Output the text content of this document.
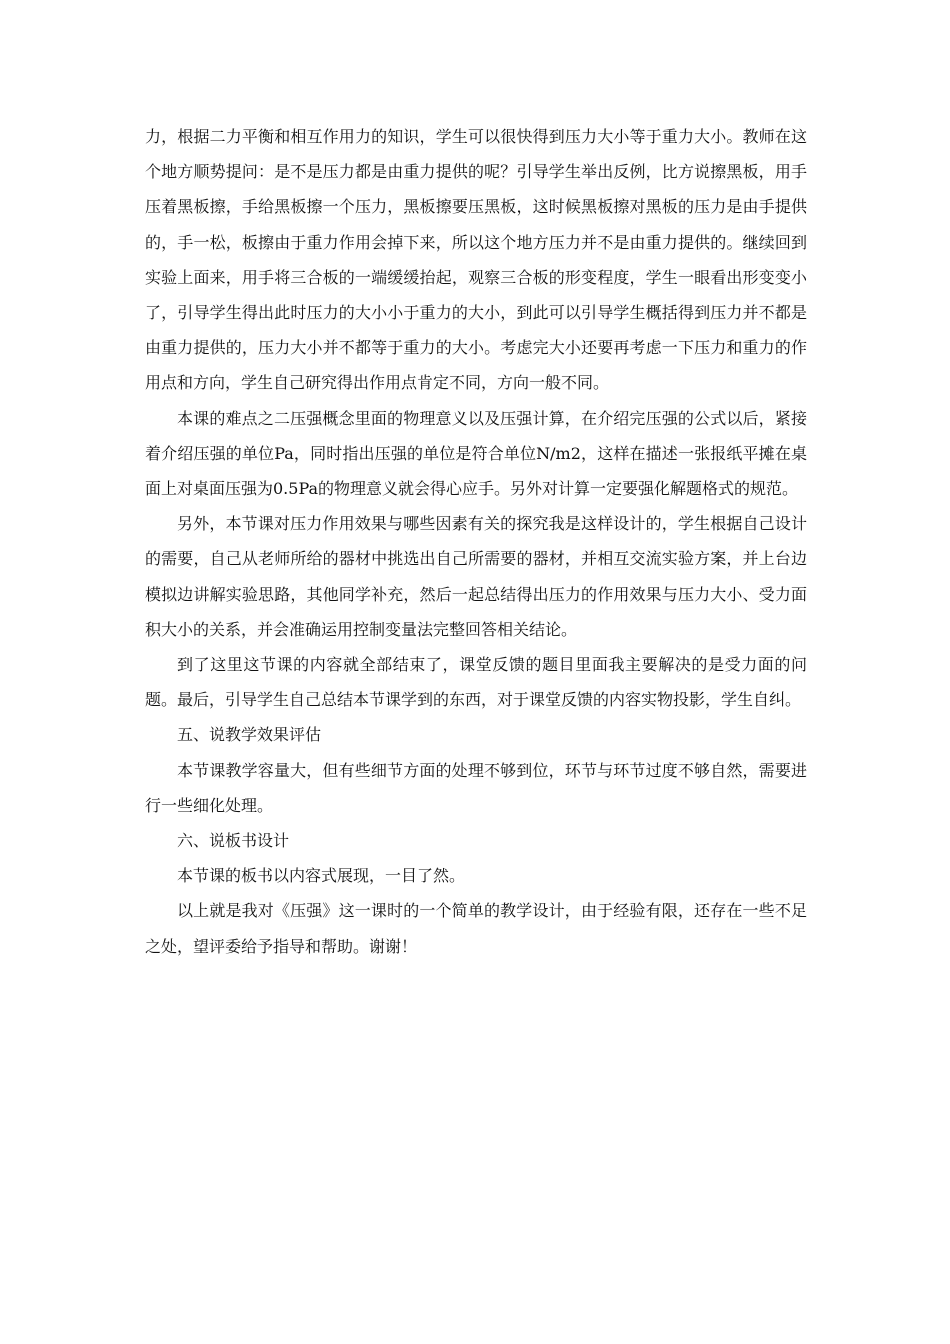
力，根据二力平衡和相互作用力的知识，学生可以很快得到压力大小等于重力大小。教师在这个地方顺势提问：是不是压力都是由重力提供的呢？引导学生举出反例，比方说擦黑板，用手压着黑板擦，手给黑板擦一个压力，黑板擦要压黑板，这时候黑板擦对黑板的压力是由手提供的，手一松，板擦由于重力作用会掉下来，所以这个地方压力并不是由重力提供的。继续回到实验上面来，用手将三合板的一端缓缓抬起，观察三合板的形变程度，学生一眼看出形变变小了，引导学生得出此时压力的大小小于重力的大小，到此可以引导学生概括得到压力并不都是由重力提供的，压力大小并不都等于重力的大小。考虑完大小还要再考虑一下压力和重力的作用点和方向，学生自己研究得出作用点肯定不同，方向一般不同。

本课的难点之二压强概念里面的物理意义以及压强计算，在介绍完压强的公式以后，紧接着介绍压强的单位Pa，同时指出压强的单位是符合单位N/m2，这样在描述一张报纸平摊在桌面上对桌面压强为0.5Pa的物理意义就会得心应手。另外对计算一定要强化解题格式的规范。

另外，本节课对压力作用效果与哪些因素有关的探究我是这样设计的，学生根据自己设计的需要，自己从老师所给的器材中挑选出自己所需要的器材，并相互交流实验方案，并上台边模拟边讲解实验思路，其他同学补充，然后一起总结得出压力的作用效果与压力大小、受力面积大小的关系，并会准确运用控制变量法完整回答相关结论。

到了这里这节课的内容就全部结束了，课堂反馈的题目里面我主要解决的是受力面的问题。最后，引导学生自己总结本节课学到的东西，对于课堂反馈的内容实物投影，学生自纠。

五、说教学效果评估

本节课教学容量大，但有些细节方面的处理不够到位，环节与环节过度不够自然，需要进行一些细化处理。

六、说板书设计

本节课的板书以内容式展现，一目了然。

以上就是我对《压强》这一课时的一个简单的教学设计，由于经验有限，还存在一些不足之处，望评委给予指导和帮助。谢谢！
